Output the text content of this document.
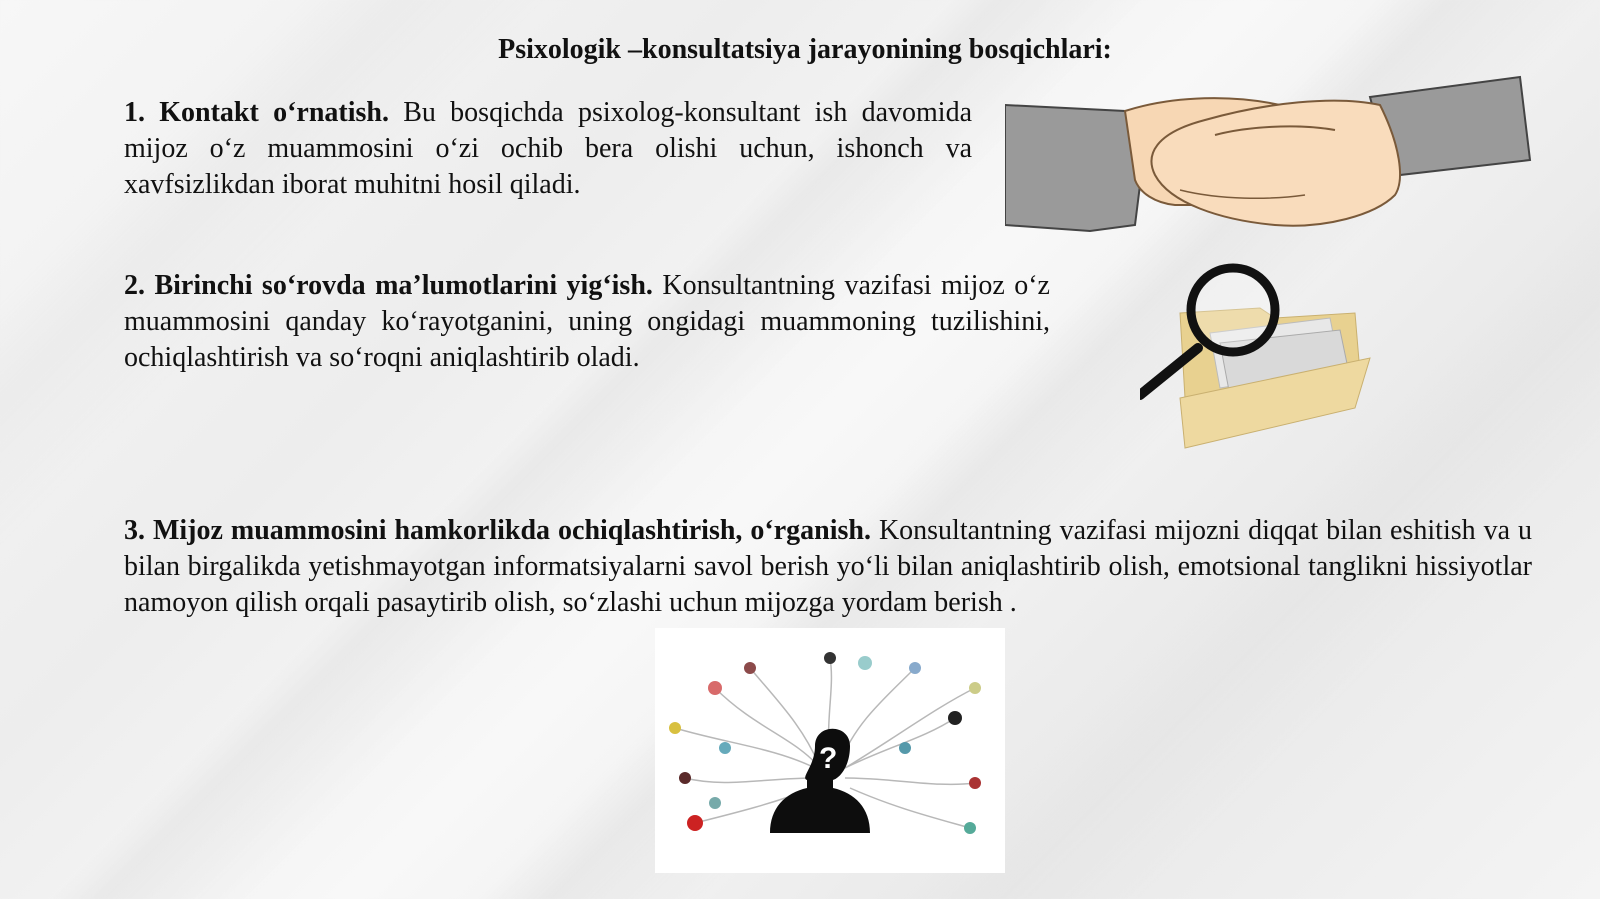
Psixologik –konsultatsiya jarayonining bosqichlari:
1. Kontakt o‘rnatish. Bu bosqichda psixolog-konsultant ish davomida mijoz o‘z muammosini o‘zi ochib bera olishi uchun, ishonch va xavfsizlikdan iborat muhitni hosil qiladi.
2. Birinchi so‘rovda ma’lumotlarini yig‘ish. Konsultantning vazifasi mijoz o‘z muammosini qanday ko‘rayotganini, uning ongidagi muammoning tuzilishini, ochiqlashtirish va so‘roqni aniqlashtirib oladi.
3. Mijoz muammosini hamkorlikda ochiqlashtirish, o‘rganish. Konsultantning vazifasi mijozni diqqat bilan eshitish va u bilan birgalikda yetishmayotgan informatsiyalarni savol berish yo‘li bilan aniqlashtirib olish, emotsional tanglikni hissiyotlar namoyon qilish orqali pasaytirib olish, so‘zlashi uchun mijozga yordam berish .
?
